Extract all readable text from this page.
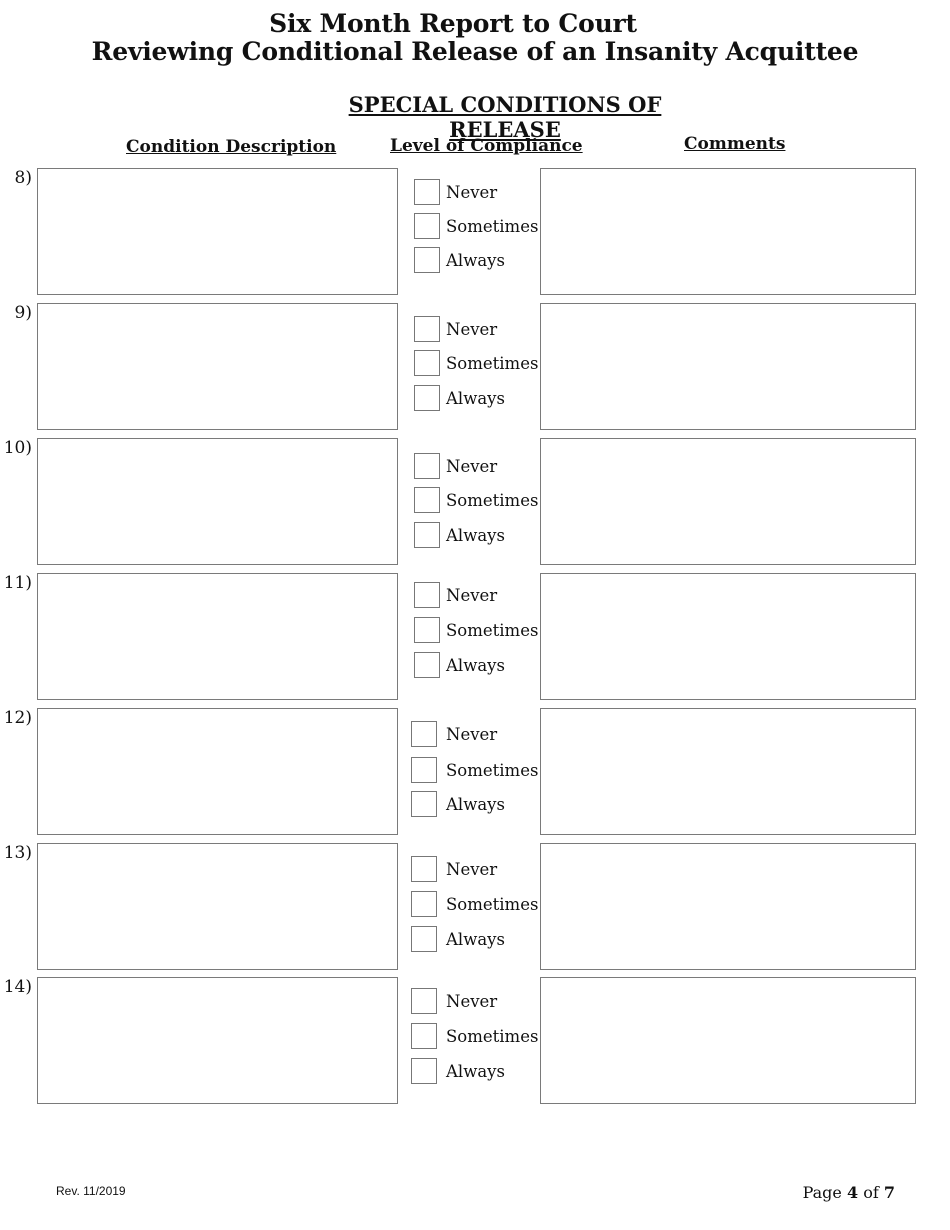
Six Month Report to Court
Reviewing Conditional Release of an Insanity Acquittee
SPECIAL CONDITIONS OF RELEASE
Condition Description	Level of Compliance	Comments
8)
Never
Sometimes
Always
9)
Never
Sometimes
Always
10)
Never
Sometimes
Always
11)
Never
Sometimes
Always
12)
Never
Sometimes
Always
13)
Never
Sometimes
Always
14)
Never
Sometimes
Always
Rev. 11/2019	Page 4 of 7
